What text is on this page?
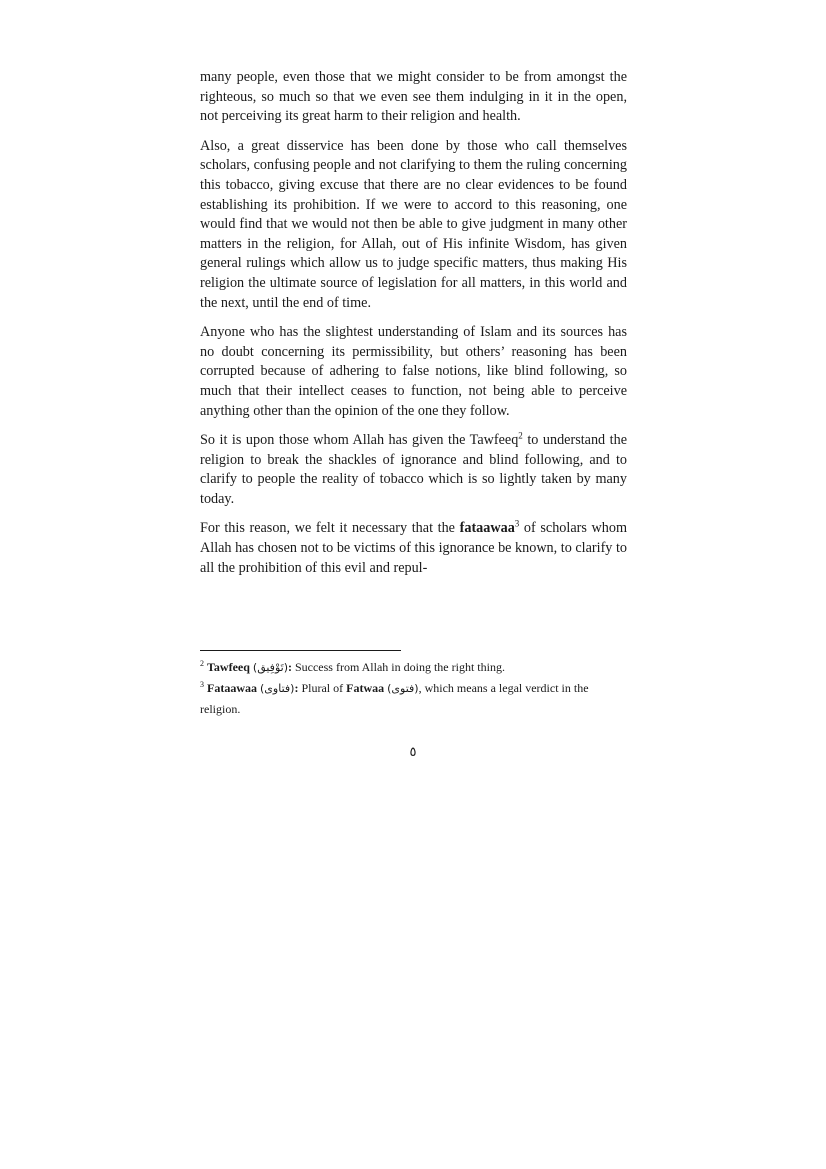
many people, even those that we might consider to be from amongst the righteous, so much so that we even see them indulging in it in the open, not perceiving its great harm to their religion and health.

Also, a great disservice has been done by those who call themselves scholars, confusing people and not clarifying to them the ruling concerning this tobacco, giving excuse that there are no clear evidences to be found establishing its prohibition. If we were to accord to this reasoning, one would find that we would not then be able to give judgment in many other matters in the religion, for Allah, out of His infinite Wisdom, has given general rulings which allow us to judge specific matters, thus making His religion the ultimate source of legislation for all matters, in this world and the next, until the end of time.

Anyone who has the slightest understanding of Islam and its sources has no doubt concerning its permissibility, but others’ reasoning has been corrupted because of adhering to false notions, like blind following, so much that their intellect ceases to function, not being able to perceive anything other than the opinion of the one they follow.

So it is upon those whom Allah has given the Tawfeeq$^2$ to understand the religion to break the shackles of ignorance and blind following, and to clarify to people the reality of tobacco which is so lightly taken by many today.

For this reason, we felt it necessary that the fataawaa$^3$ of scholars whom Allah has chosen not to be victims of this ignorance be known, to clarify to all the prohibition of this evil and repul-

$^2$ Tawfeeq (تَوْفِيق): Success from Allah in doing the right thing.

$^3$ Fataawaa (فتاوى): Plural of Fatwaa (فتوى), which means a legal verdict in the religion.

٥
